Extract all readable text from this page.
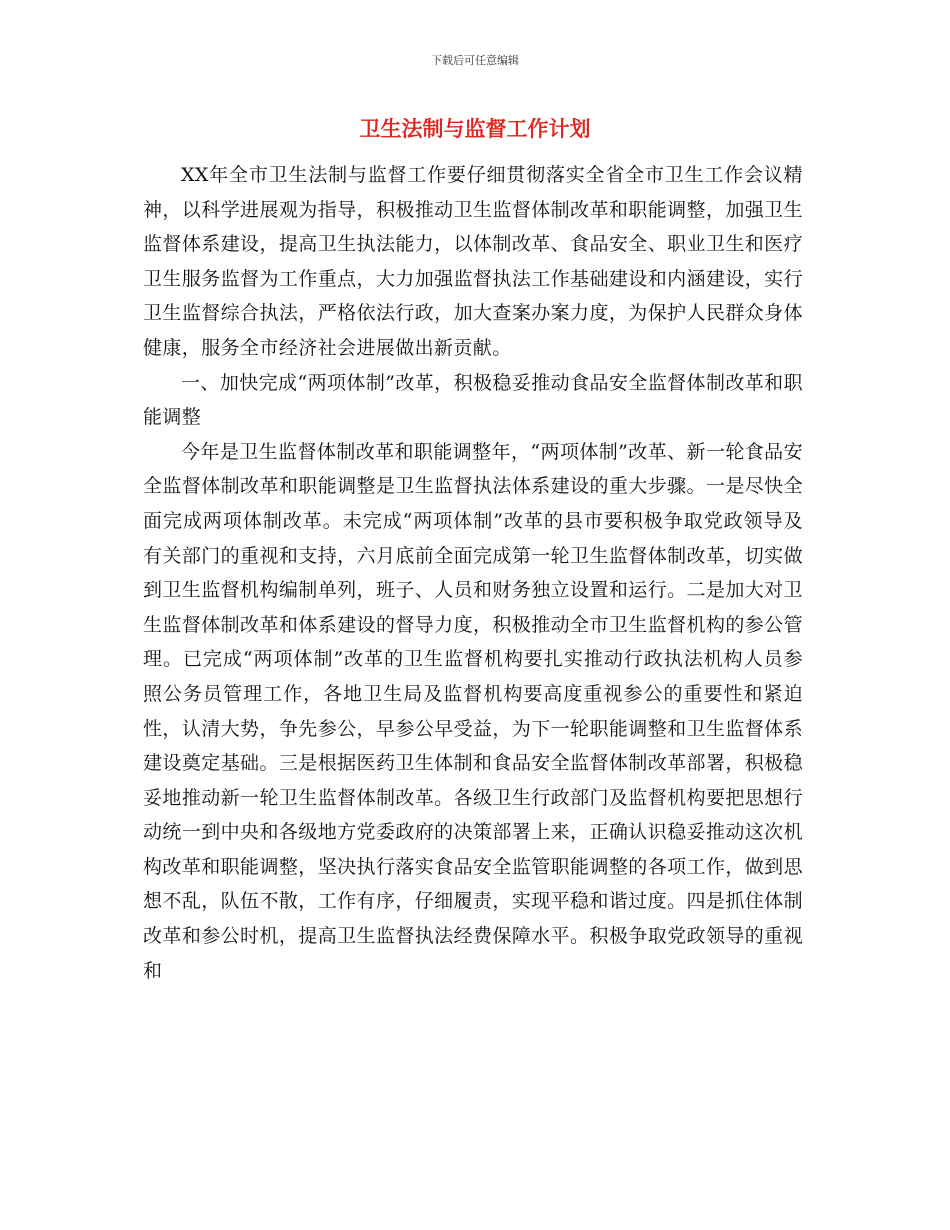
下载后可任意编辑
卫生法制与监督工作计划

XX年全市卫生法制与监督工作要仔细贯彻落实全省全市卫生工作会议精神，以科学进展观为指导，积极推动卫生监督体制改革和职能调整，加强卫生监督体系建设，提高卫生执法能力，以体制改革、食品安全、职业卫生和医疗卫生服务监督为工作重点，大力加强监督执法工作基础建设和内涵建设，实行卫生监督综合执法，严格依法行政，加大查案办案力度，为保护人民群众身体健康，服务全市经济社会进展做出新贡献。

一、加快完成“两项体制”改革，积极稳妥推动食品安全监督体制改革和职能调整

今年是卫生监督体制改革和职能调整年，“两项体制”改革、新一轮食品安全监督体制改革和职能调整是卫生监督执法体系建设的重大步骤。一是尽快全面完成两项体制改革。未完成“两项体制”改革的县市要积极争取党政领导及有关部门的重视和支持，六月底前全面完成第一轮卫生监督体制改革，切实做到卫生监督机构编制单列，班子、人员和财务独立设置和运行。二是加大对卫生监督体制改革和体系建设的督导力度，积极推动全市卫生监督机构的参公管理。已完成“两项体制”改革的卫生监督机构要扎实推动行政执法机构人员参照公务员管理工作，各地卫生局及监督机构要高度重视参公的重要性和紧迫性，认清大势，争先参公，早参公早受益，为下一轮职能调整和卫生监督体系建设奠定基础。三是根据医药卫生体制和食品安全监督体制改革部署，积极稳妥地推动新一轮卫生监督体制改革。各级卫生行政部门及监督机构要把思想行动统一到中央和各级地方党委政府的决策部署上来，正确认识稳妥推动这次机构改革和职能调整，坚决执行落实食品安全监管职能调整的各项工作，做到思想不乱，队伍不散，工作有序，仔细履责，实现平稳和谐过度。四是抓住体制改革和参公时机，提高卫生监督执法经费保障水平。积极争取党政领导的重视和
